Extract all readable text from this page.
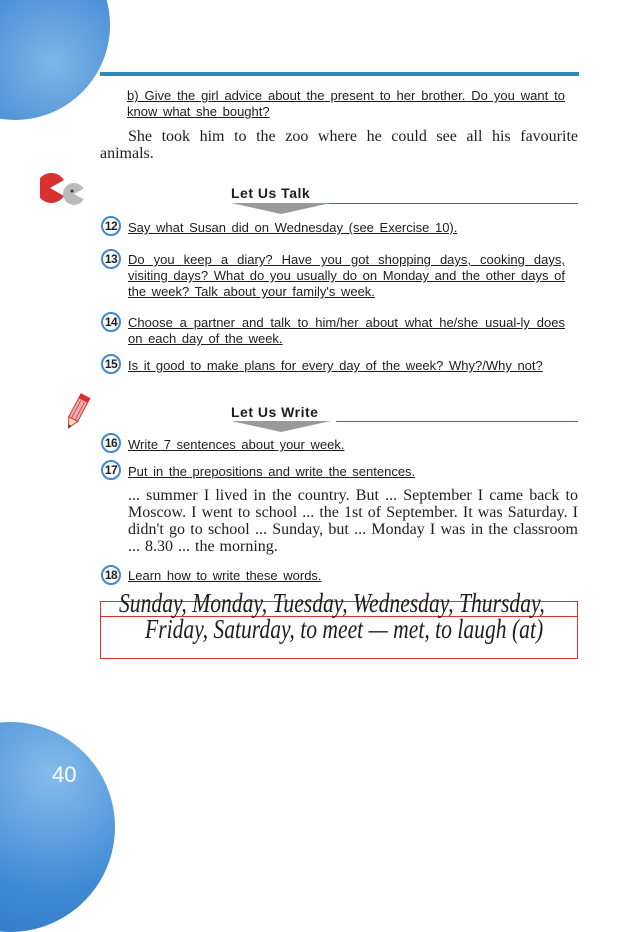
40
b) Give the girl advice about the present to her brother. Do you want to know what she bought?
She took him to the zoo where he could see all his favourite animals.
Let Us Talk
12 Say what Susan did on Wednesday (see Exercise 10).
13 Do you keep a diary? Have you got shopping days, cooking days, visiting days? What do you usually do on Monday and the other days of the week? Talk about your family's week.
14 Choose a partner and talk to him/her about what he/she usual-ly does on each day of the week.
15 Is it good to make plans for every day of the week? Why?/Why not?
Let Us Write
16 Write 7 sentences about your week.
17 Put in the prepositions and write the sentences.
... summer I lived in the country. But ... September I came back to Moscow. I went to school ... the 1st of September. It was Saturday. I didn't go to school ... Sunday, but ... Monday I was in the classroom ... 8.30 ... the morning.
18 Learn how to write these words.
Sunday, Monday, Tuesday, Wednesday, Thursday,
Friday, Saturday, to meet — met, to laugh (at)
